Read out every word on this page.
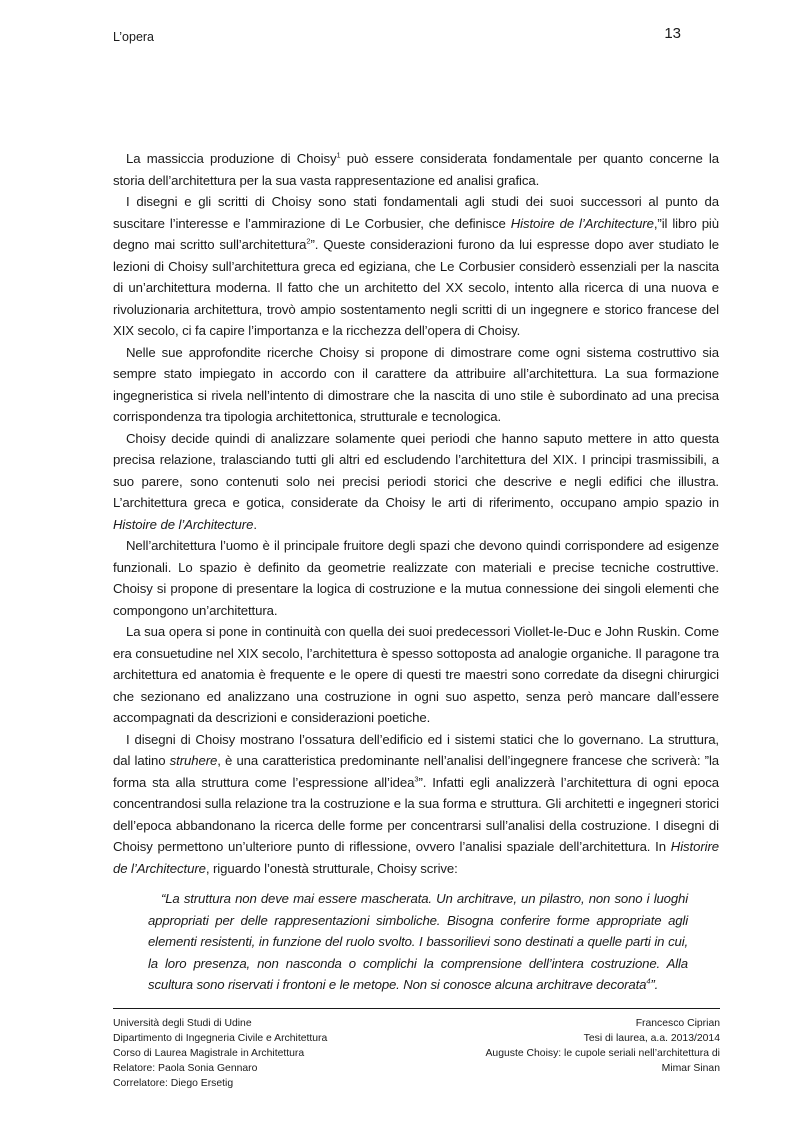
L’opera	13

La massiccia produzione di Choisy$^1$ può essere considerata fondamentale per quanto concerne la storia dell’architettura per la sua vasta rappresentazione ed analisi grafica.

I disegni e gli scritti di Choisy sono stati fondamentali agli studi dei suoi successori al punto da suscitare l’interesse e l’ammirazione di Le Corbusier, che definisce Histoire de l’Architecture,”il libro più degno mai scritto sull’architettura$^2$”. Queste considerazioni furono da lui espresse dopo aver studiato le lezioni di Choisy sull’architettura greca ed egiziana, che Le Corbusier considerò essenziali per la nascita di un’architettura moderna. Il fatto che un architetto del XX secolo, intento alla ricerca di una nuova e rivoluzionaria architettura, trovò ampio sostentamento negli scritti di un ingegnere e storico francese del XIX secolo, ci fa capire l’importanza e la ricchezza dell’opera di Choisy.

Nelle sue approfondite ricerche Choisy si propone di dimostrare come ogni sistema costruttivo sia sempre stato impiegato in accordo con il carattere da attribuire all’architettura. La sua formazione ingegneristica si rivela nell’intento di dimostrare che la nascita di uno stile è subordinato ad una precisa corrispondenza tra tipologia architettonica, strutturale e tecnologica.

Choisy decide quindi di analizzare solamente quei periodi che hanno saputo mettere in atto questa precisa relazione, tralasciando tutti gli altri ed escludendo l’architettura del XIX. I principi trasmissibili, a suo parere, sono contenuti solo nei precisi periodi storici che descrive e negli edifici che illustra. L’architettura greca e gotica, considerate da Choisy le arti di riferimento, occupano ampio spazio in Histoire de l’Architecture.

Nell’architettura l’uomo è il principale fruitore degli spazi che devono quindi corrispondere ad esigenze funzionali. Lo spazio è definito da geometrie realizzate con materiali e precise tecniche costruttive. Choisy si propone di presentare la logica di costruzione e la mutua connessione dei singoli elementi che compongono un’architettura.

La sua opera si pone in continuità con quella dei suoi predecessori Viollet-le-Duc e John Ruskin. Come era consuetudine nel XIX secolo, l’architettura è spesso sottoposta ad analogie organiche. Il paragone tra architettura ed anatomia è frequente e le opere di questi tre maestri sono corredate da disegni chirurgici che sezionano ed analizzano una costruzione in ogni suo aspetto, senza però mancare dall’essere accompagnati da descrizioni e considerazioni poetiche.

I disegni di Choisy mostrano l’ossatura dell’edificio ed i sistemi statici che lo governano. La struttura, dal latino struhere, è una caratteristica predominante nell’analisi dell’ingegnere francese che scriverà: ”la forma sta alla struttura come l’espressione all’idea$^3$”. Infatti egli analizzerà l’architettura di ogni epoca concentrandosi sulla relazione tra la costruzione e la sua forma e struttura. Gli architetti e ingegneri storici dell’epoca abbandonano la ricerca delle forme per concentrarsi sull’analisi della costruzione. I disegni di Choisy permettono un’ulteriore punto di riflessione, ovvero l’analisi spaziale dell’architettura. In Historire de l’Architecture, riguardo l’onestà strutturale, Choisy scrive:

“La struttura non deve mai essere mascherata. Un architrave, un pilastro, non sono i luoghi appropriati per delle rappresentazioni simboliche. Bisogna conferire forme appropriate agli elementi resistenti, in funzione del ruolo svolto. I bassorilievi sono destinati a quelle parti in cui, la loro presenza, non nasconda o complichi la comprensione dell’intera costruzione. Alla scultura sono riservati i frontoni e le metope. Non si conosce alcuna architrave decorata$^4$”.

Università degli Studi di Udine
Dipartimento di Ingegneria Civile e Architettura
Corso di Laurea Magistrale in Architettura
Relatore: Paola Sonia Gennaro
Correlatore: Diego Ersetig
Francesco Ciprian
Tesi di laurea, a.a. 2013/2014
Auguste Choisy: le cupole seriali nell’architettura di
Mimar Sinan
